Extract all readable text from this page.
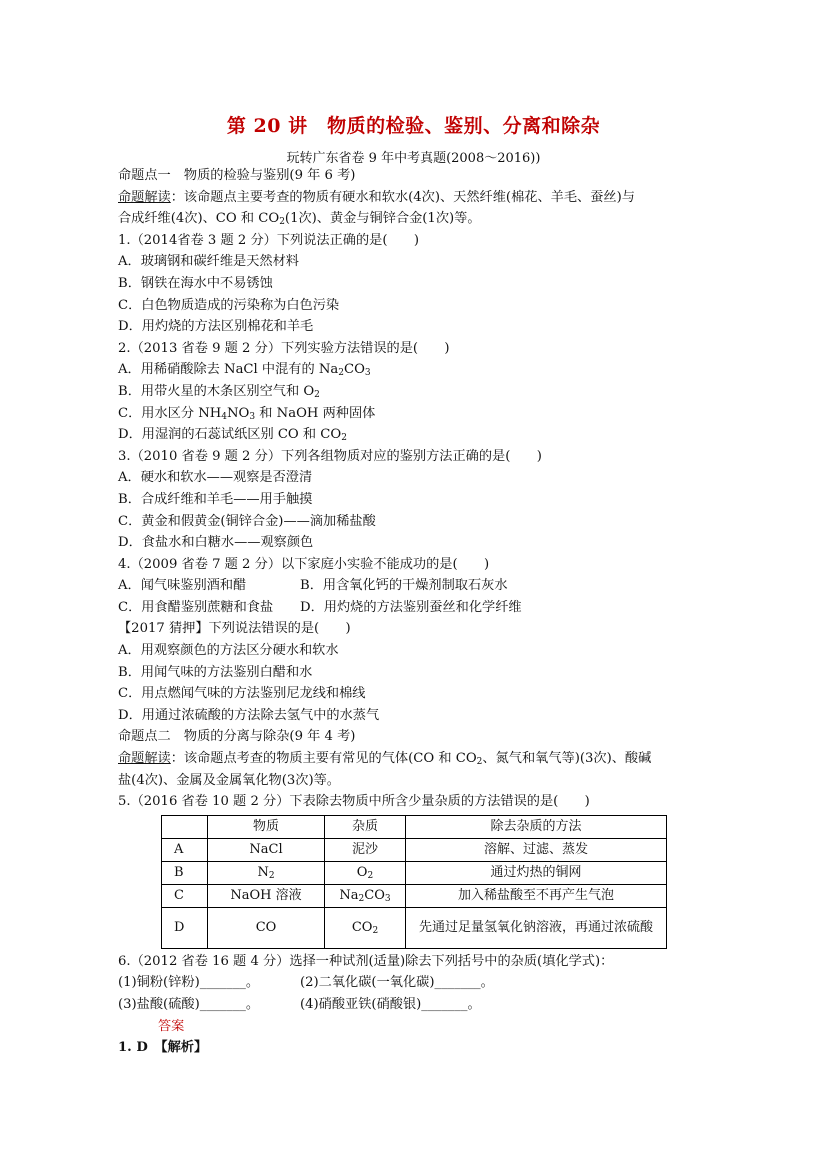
第 20 讲　物质的检验、鉴别、分离和除杂
玩转广东省卷 9 年中考真题(2008～2016))
命题点一　物质的检验与鉴别(9 年 6 考)
命题解读：该命题点主要考查的物质有硬水和软水(4次)、天然纤维(棉花、羊毛、蚕丝)与
合成纤维(4次)、CO 和 $CO_2(1$次)、黄金与铜锌合金(1次)等。
1.（2014省卷 3 题 2 分）下列说法正确的是(　　)
A．玻璃钢和碳纤维是天然材料
B．钢铁在海水中不易锈蚀
C．白色物质造成的污染称为白色污染
D．用灼烧的方法区别棉花和羊毛
2.（2013 省卷 9 题 2 分）下列实验方法错误的是(　　)
A．用稀硝酸除去 NaCl 中混有的 $Na_2CO_3$
B．用带火星的木条区别空气和 $O_2$
C．用水区分 $NH_4NO_3$ 和 NaOH 两种固体
D．用湿润的石蕊试纸区别 CO 和 $CO_2$
3.（2010 省卷 9 题 2 分）下列各组物质对应的鉴别方法正确的是(　　)
A．硬水和软水——观察是否澄清
B．合成纤维和羊毛——用手触摸
C．黄金和假黄金(铜锌合金)——滴加稀盐酸
D．食盐水和白糖水——观察颜色
4.（2009 省卷 7 题 2 分）以下家庭小实验不能成功的是(　　)
A．闻气味鉴别酒和醋	B．用含氧化钙的干燥剂制取石灰水
C．用食醋鉴别蔗糖和食盐	D．用灼烧的方法鉴别蚕丝和化学纤维
【2017 猜押】下列说法错误的是(　　)
A．用观察颜色的方法区分硬水和软水
B．用闻气味的方法鉴别白醋和水
C．用点燃闻气味的方法鉴别尼龙线和棉线
D．用通过浓硫酸的方法除去氢气中的水蒸气
命题点二　物质的分离与除杂(9 年 4 考)
命题解读：该命题点考查的物质主要有常见的气体(CO 和 $CO_2$、氮气和氧气等)(3次)、酸碱
盐(4次)、金属及金属氧化物(3次)等。
5.（2016 省卷 10 题 2 分）下表除去物质中所含少量杂质的方法错误的是(　　)
	物质	杂质	除去杂质的方法
A	NaCl	泥沙	溶解、过滤、蒸发
B	$N_2$	$O_2$	通过灼热的铜网
C	NaOH 溶液	$Na_2CO_3$	加入稀盐酸至不再产生气泡
D	CO	$CO_2$	先通过足量氢氧化钠溶液，再通过浓硫酸
6.（2012 省卷 16 题 4 分）选择一种试剂(适量)除去下列括号中的杂质(填化学式)：
(1)铜粉(锌粉)_______。	(2)二氧化碳(一氧化碳)_______。
(3)盐酸(硫酸)_______。	(4)硝酸亚铁(硝酸银)_______。
答案
1. D　【解析】
